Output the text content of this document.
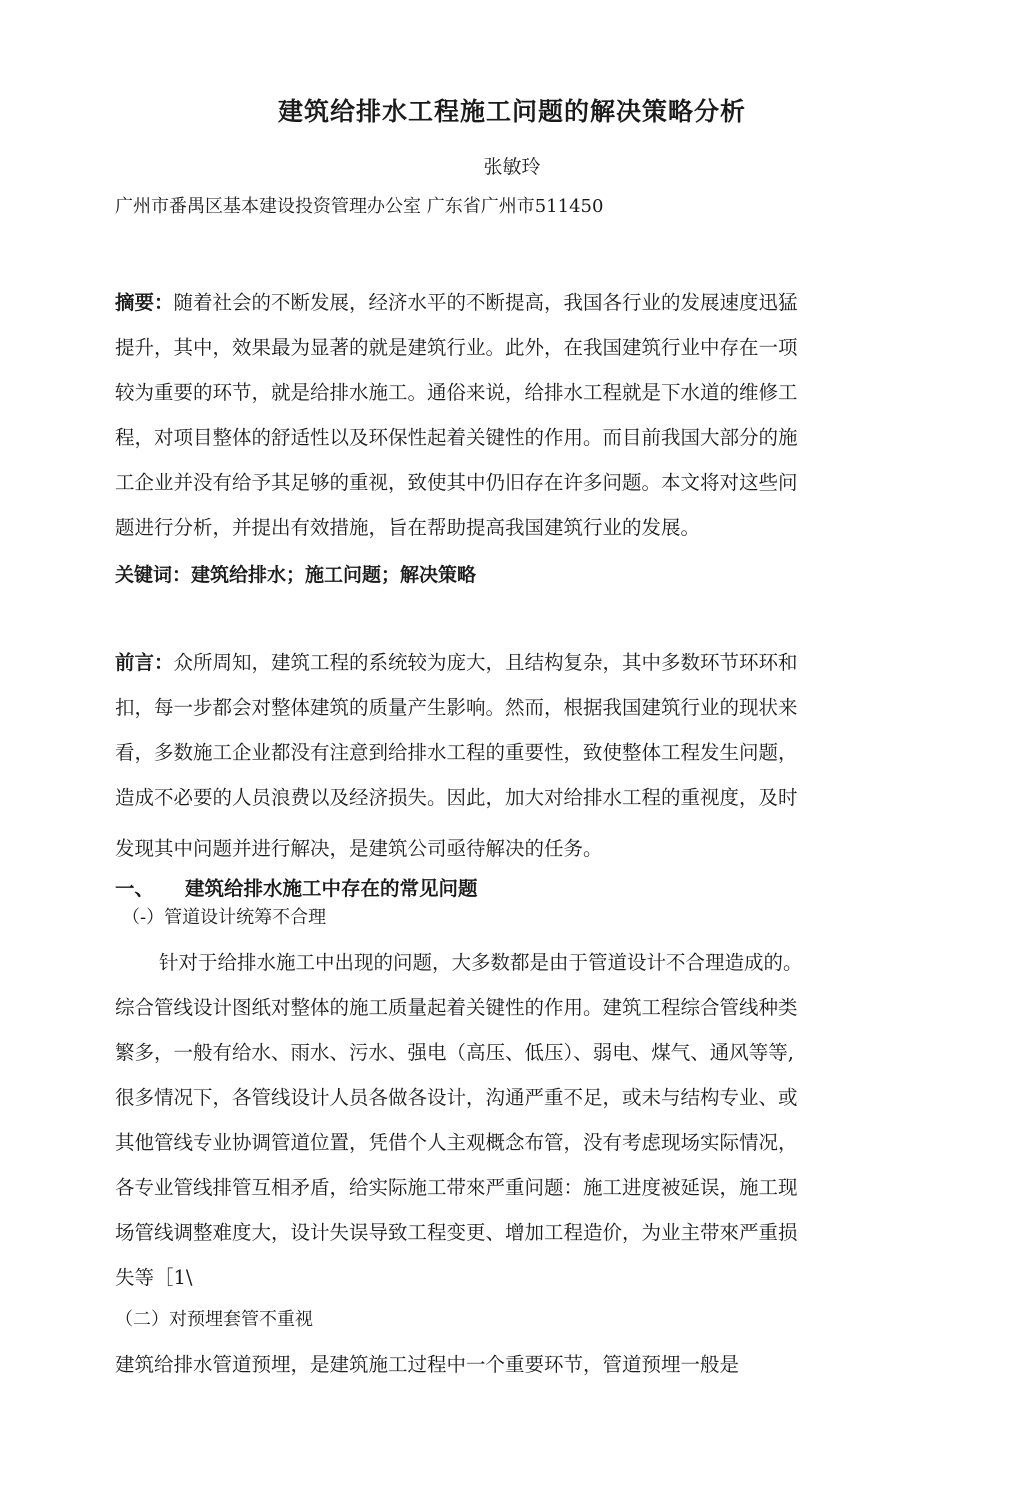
建筑给排水工程施工问题的解决策略分析
张敏玲
广州市番禺区基本建设投资管理办公室 广东省广州市511450
摘要：随着社会的不断发展，经济水平的不断提高，我国各行业的发展速度迅猛
提升，其中，效果最为显著的就是建筑行业。此外，在我国建筑行业中存在一项
较为重要的环节，就是给排水施工。通俗来说，给排水工程就是下水道的维修工
程，对项目整体的舒适性以及环保性起着关键性的作用。而目前我国大部分的施
工企业并没有给予其足够的重视，致使其中仍旧存在许多问题。本文将对这些问
题进行分析，并提出有效措施，旨在帮助提高我国建筑行业的发展。
关键词：建筑给排水；施工问题；解决策略
前言：众所周知，建筑工程的系统较为庞大，且结构复杂，其中多数环节环环和
扣，每一步都会对整体建筑的质量产生影响。然而，根据我国建筑行业的现状来
看，多数施工企业都没有注意到给排水工程的重要性，致使整体工程发生问题，
造成不必要的人员浪费以及经济损失。因此，加大对给排水工程的重视度，及时
发现其中问题并进行解决，是建筑公司亟待解决的任务。
一、 建筑给排水施工中存在的常见问题
（-）管道设计统筹不合理
针对于给排水施工中出现的问题，大多数都是由于管道设计不合理造成的。
综合管线设计图纸对整体的施工质量起着关键性的作用。建筑工程综合管线种类
繁多，一般有给水、雨水、污水、强电（高压、低压）、弱电、煤气、通风等等,
很多情况下，各管线设计人员各做各设计，沟通严重不足，或未与结构专业、或
其他管线专业协调管道位置，凭借个人主观概念布管，没有考虑现场实际情况，
各专业管线排管互相矛盾，给实际施工带來严重问题：施工进度被延误，施工现
场管线调整难度大，设计失误导致工程变更、增加工程造价，为业主带來严重损
失等［1\
（二）对预埋套管不重视
建筑给排水管道预埋，是建筑施工过程中一个重要环节，管道预埋一般是
